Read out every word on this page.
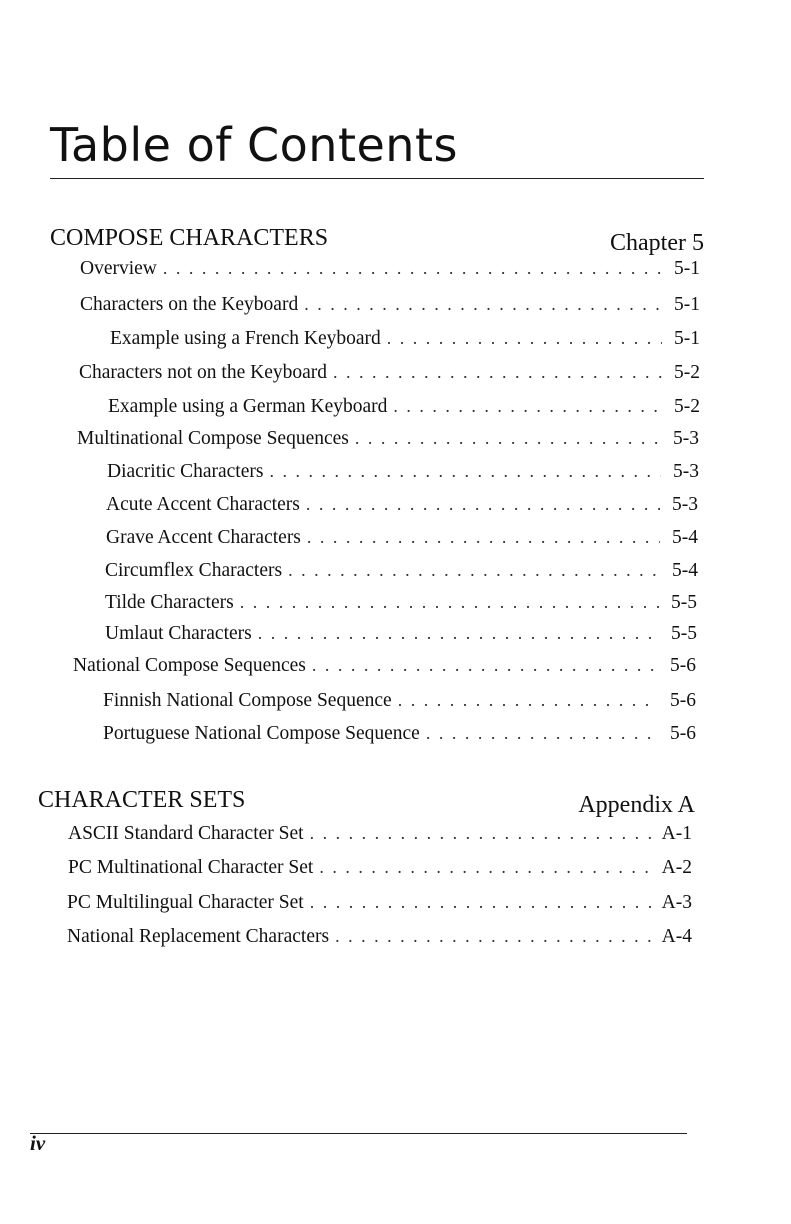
Table of Contents
COMPOSE CHARACTERS	Chapter 5
Overview . . .	5-1
Characters on the Keyboard . . .	5-1
Example using a French Keyboard . . .	5-1
Characters not on the Keyboard . . .	5-2
Example using a German Keyboard . . .	5-2
Multinational Compose Sequences . . .	5-3
Diacritic Characters . . .	5-3
Acute Accent Characters . . .	5-3
Grave Accent Characters . . .	5-4
Circumflex Characters . . .	5-4
Tilde Characters . . .	5-5
Umlaut Characters . . .	5-5
National Compose Sequences . . .	5-6
Finnish National Compose Sequence . . .	5-6
Portuguese National Compose Sequence . . .	5-6
CHARACTER SETS	Appendix A
ASCII Standard Character Set . . .	A-1
PC Multinational Character Set . . .	A-2
PC Multilingual Character Set . . .	A-3
National Replacement Characters . . .	A-4
iv
